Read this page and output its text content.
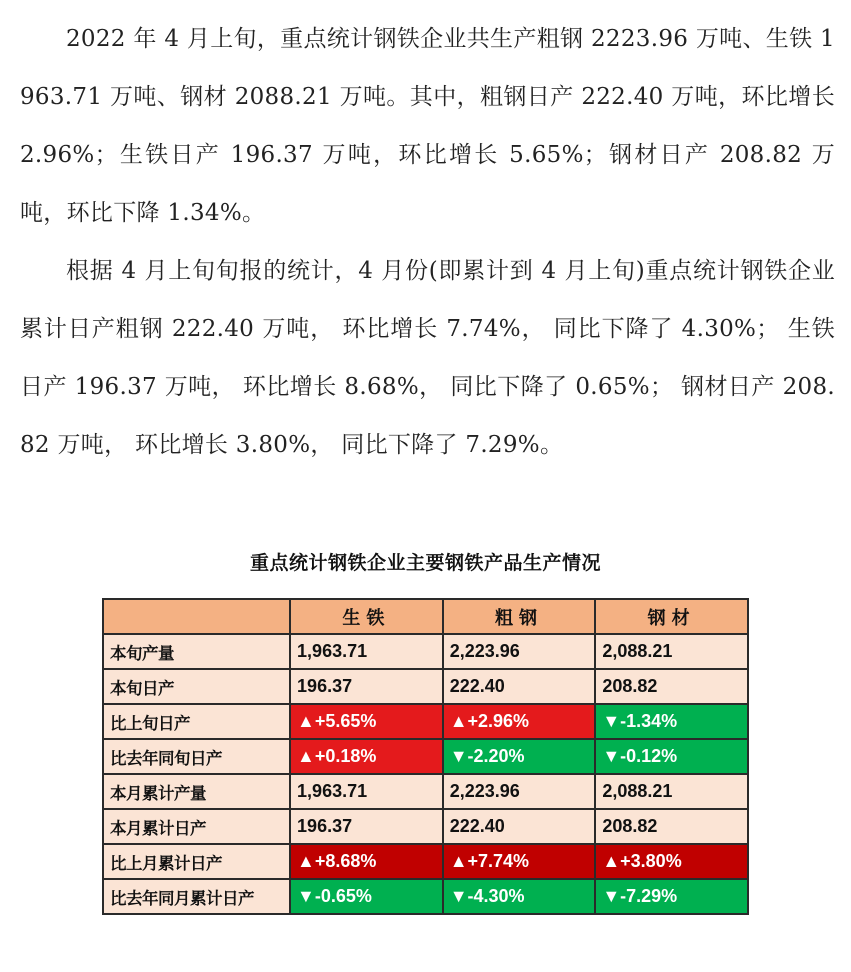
2022 年 4 月上旬，重点统计钢铁企业共生产粗钢 2223.96 万吨、生铁 1963.71 万吨、钢材 2088.21 万吨。其中，粗钢日产 222.40 万吨，环比增长 2.96%；生铁日产 196.37 万吨，环比增长 5.65%；钢材日产 208.82 万吨，环比下降 1.34%。

根据 4 月上旬旬报的统计，4 月份(即累计到 4 月上旬)重点统计钢铁企业累计日产粗钢 222.40 万吨， 环比增长 7.74%， 同比下降了 4.30%； 生铁日产 196.37 万吨， 环比增长 8.68%， 同比下降了 0.65%； 钢材日产 208.82 万吨， 环比增长 3.80%， 同比下降了 7.29%。

重点统计钢铁企业主要钢铁产品生产情况
	生铁	粗钢	钢材
本旬产量	1,963.71	2,223.96	2,088.21
本旬日产	196.37	222.40	208.82
比上旬日产	▲+5.65%	▲+2.96%	▼-1.34%
比去年同旬日产	▲+0.18%	▼-2.20%	▼-0.12%
本月累计产量	1,963.71	2,223.96	2,088.21
本月累计日产	196.37	222.40	208.82
比上月累计日产	▲+8.68%	▲+7.74%	▲+3.80%
比去年同月累计日产	▼-0.65%	▼-4.30%	▼-7.29%
